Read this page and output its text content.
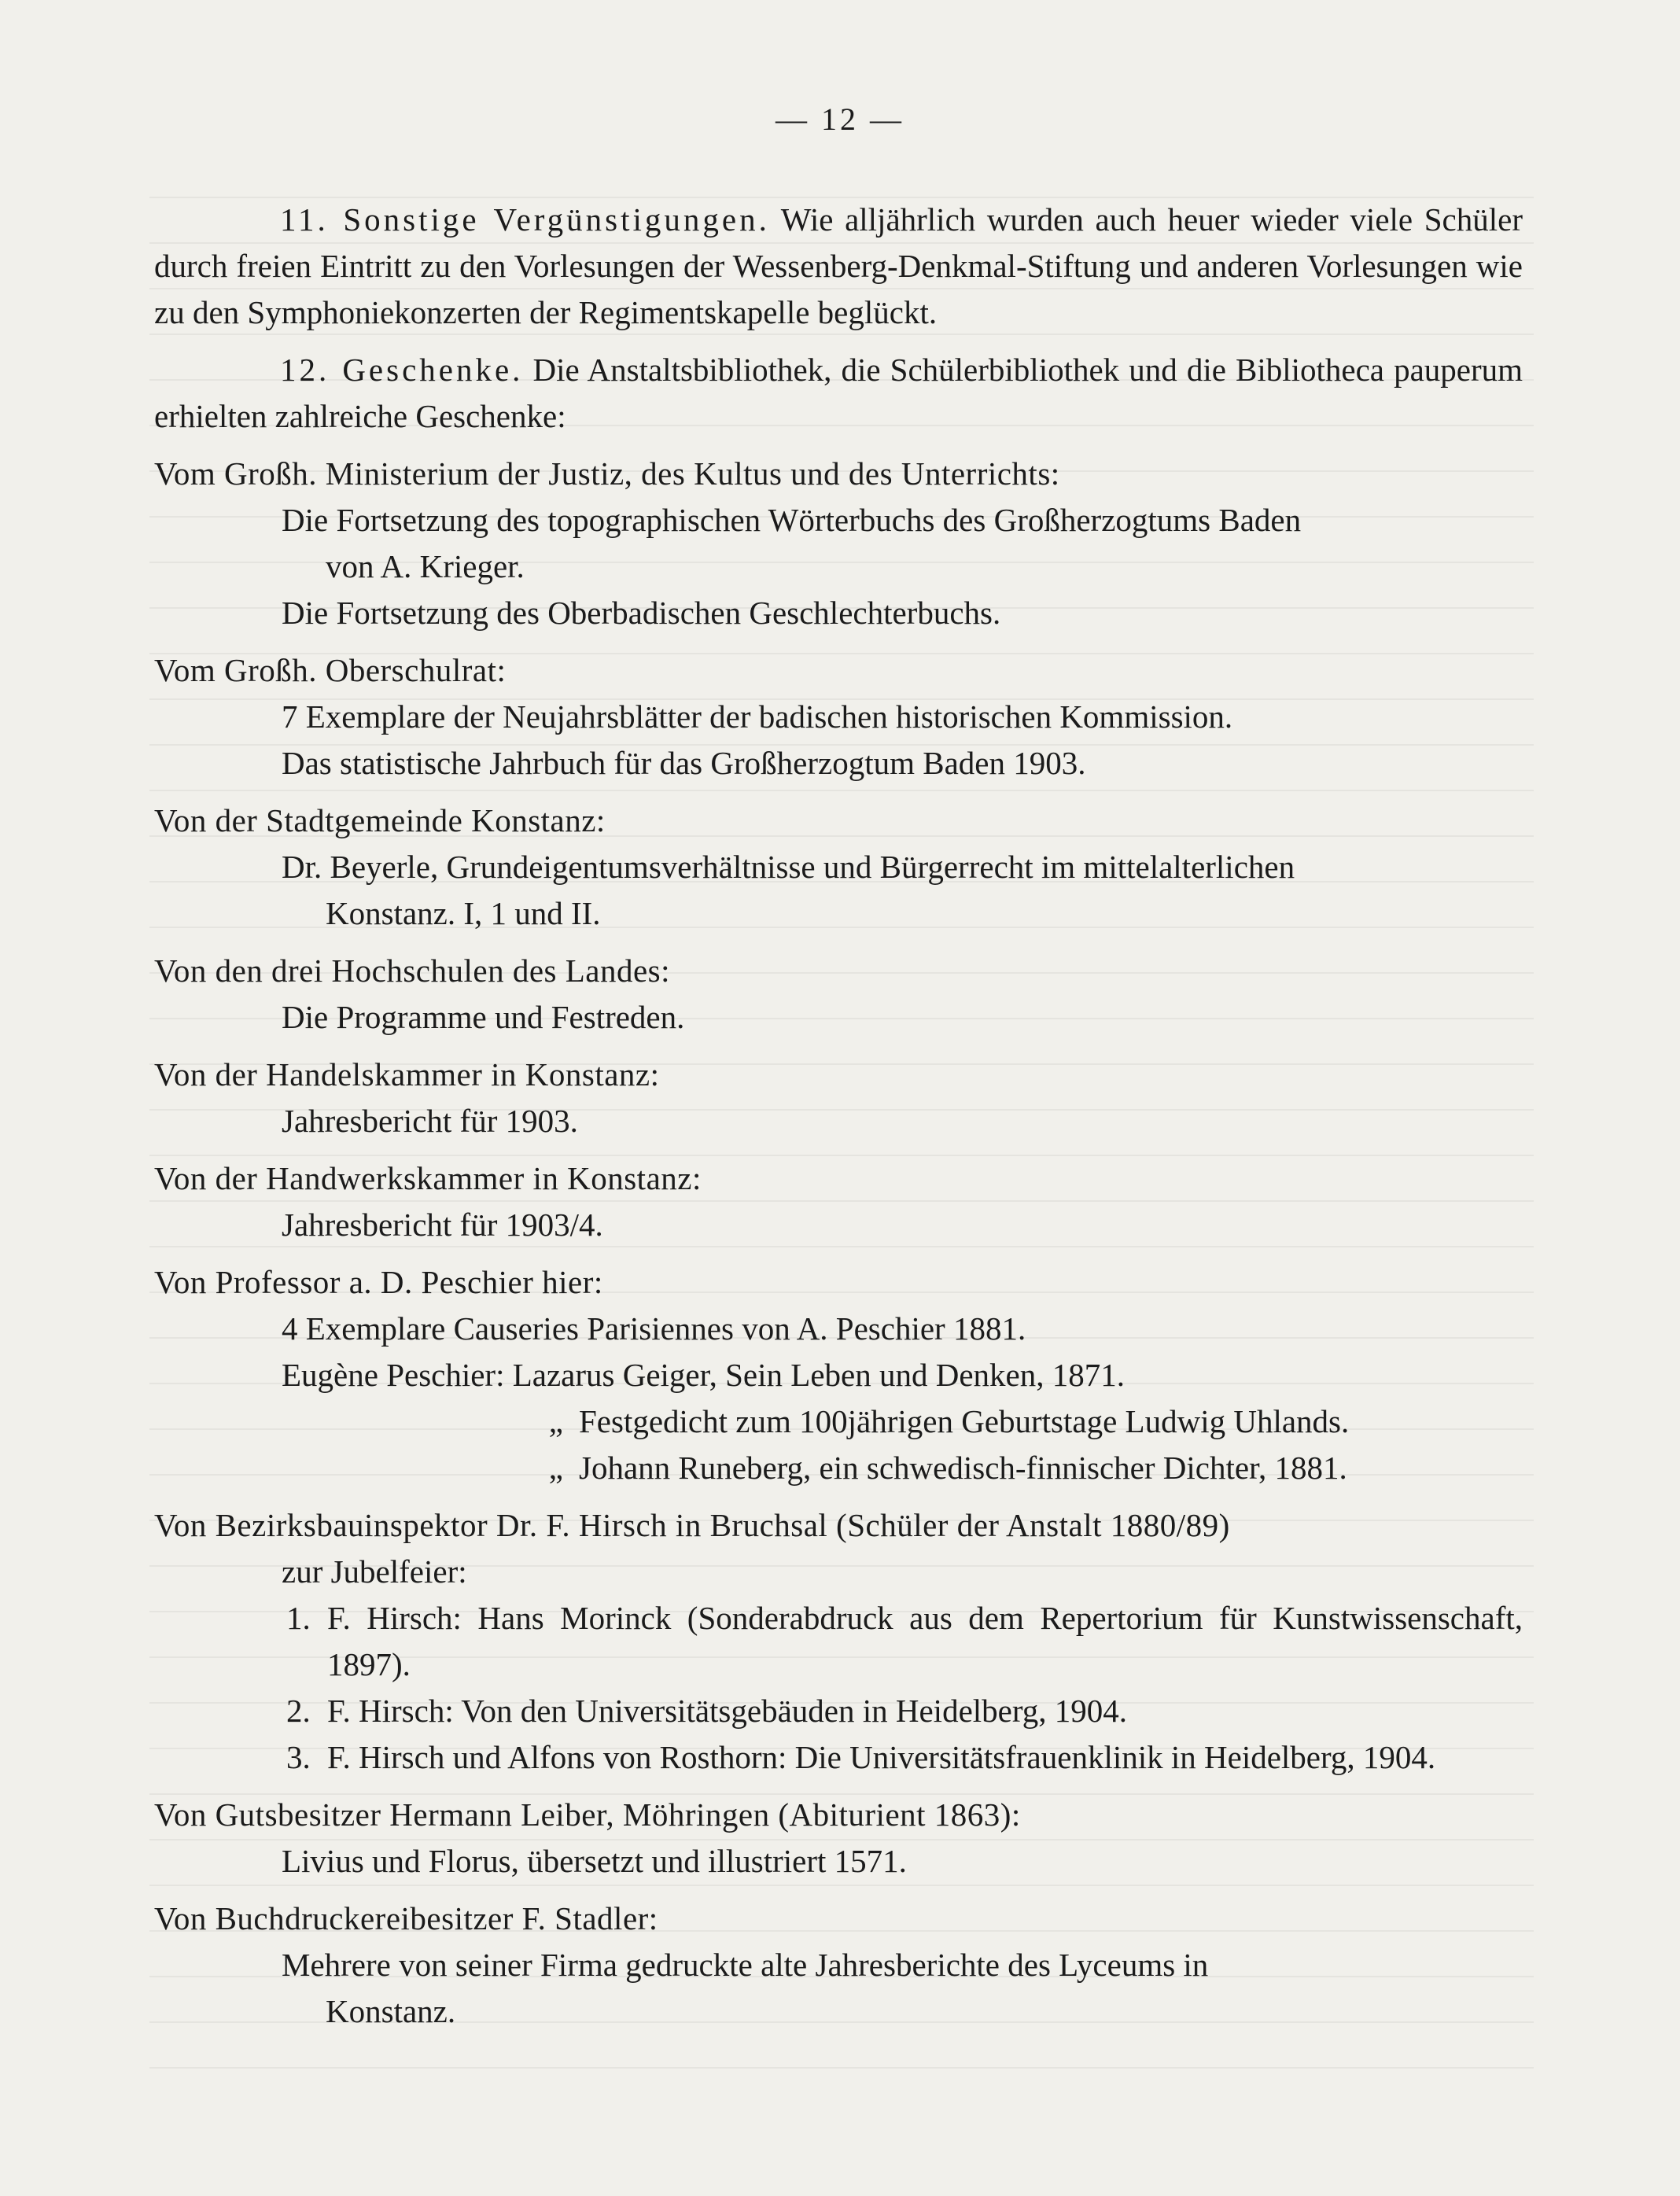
— 12 —

11. Sonstige Vergünstigungen. Wie alljährlich wurden auch heuer wieder viele Schüler durch freien Eintritt zu den Vorlesungen der Wessenberg-Denkmal-Stiftung und anderen Vorlesungen wie zu den Symphoniekonzerten der Regimentskapelle beglückt.

12. Geschenke. Die Anstaltsbibliothek, die Schülerbibliothek und die Bibliotheca pauperum erhielten zahlreiche Geschenke:

Vom Großh. Ministerium der Justiz, des Kultus und des Unterrichts:

Die Fortsetzung des topographischen Wörterbuchs des Großherzogtums Baden

von A. Krieger.

Die Fortsetzung des Oberbadischen Geschlechterbuchs.

Vom Großh. Oberschulrat:

7 Exemplare der Neujahrsblätter der badischen historischen Kommission.

Das statistische Jahrbuch für das Großherzogtum Baden 1903.

Von der Stadtgemeinde Konstanz:

Dr. Beyerle, Grundeigentumsverhältnisse und Bürgerrecht im mittelalterlichen

Konstanz. I, 1 und II.

Von den drei Hochschulen des Landes:

Die Programme und Festreden.

Von der Handelskammer in Konstanz:

Jahresbericht für 1903.

Von der Handwerkskammer in Konstanz:

Jahresbericht für 1903/4.

Von Professor a. D. Peschier hier:

4 Exemplare Causeries Parisiennes von A. Peschier 1881.

Eugène Peschier: Lazarus Geiger, Sein Leben und Denken, 1871.

„ Festgedicht zum 100jährigen Geburtstage Ludwig Uhlands.

„ Johann Runeberg, ein schwedisch-finnischer Dichter, 1881.

Von Bezirksbauinspektor Dr. F. Hirsch in Bruchsal (Schüler der Anstalt 1880/89)

zur Jubelfeier:

1. F. Hirsch: Hans Morinck (Sonderabdruck aus dem Repertorium für Kunstwissenschaft, 1897).
2. F. Hirsch: Von den Universitätsgebäuden in Heidelberg, 1904.
3. F. Hirsch und Alfons von Rosthorn: Die Universitätsfrauenklinik in Heidelberg, 1904.

Von Gutsbesitzer Hermann Leiber, Möhringen (Abiturient 1863):

Livius und Florus, übersetzt und illustriert 1571.

Von Buchdruckereibesitzer F. Stadler:

Mehrere von seiner Firma gedruckte alte Jahresberichte des Lyceums in

Konstanz.
